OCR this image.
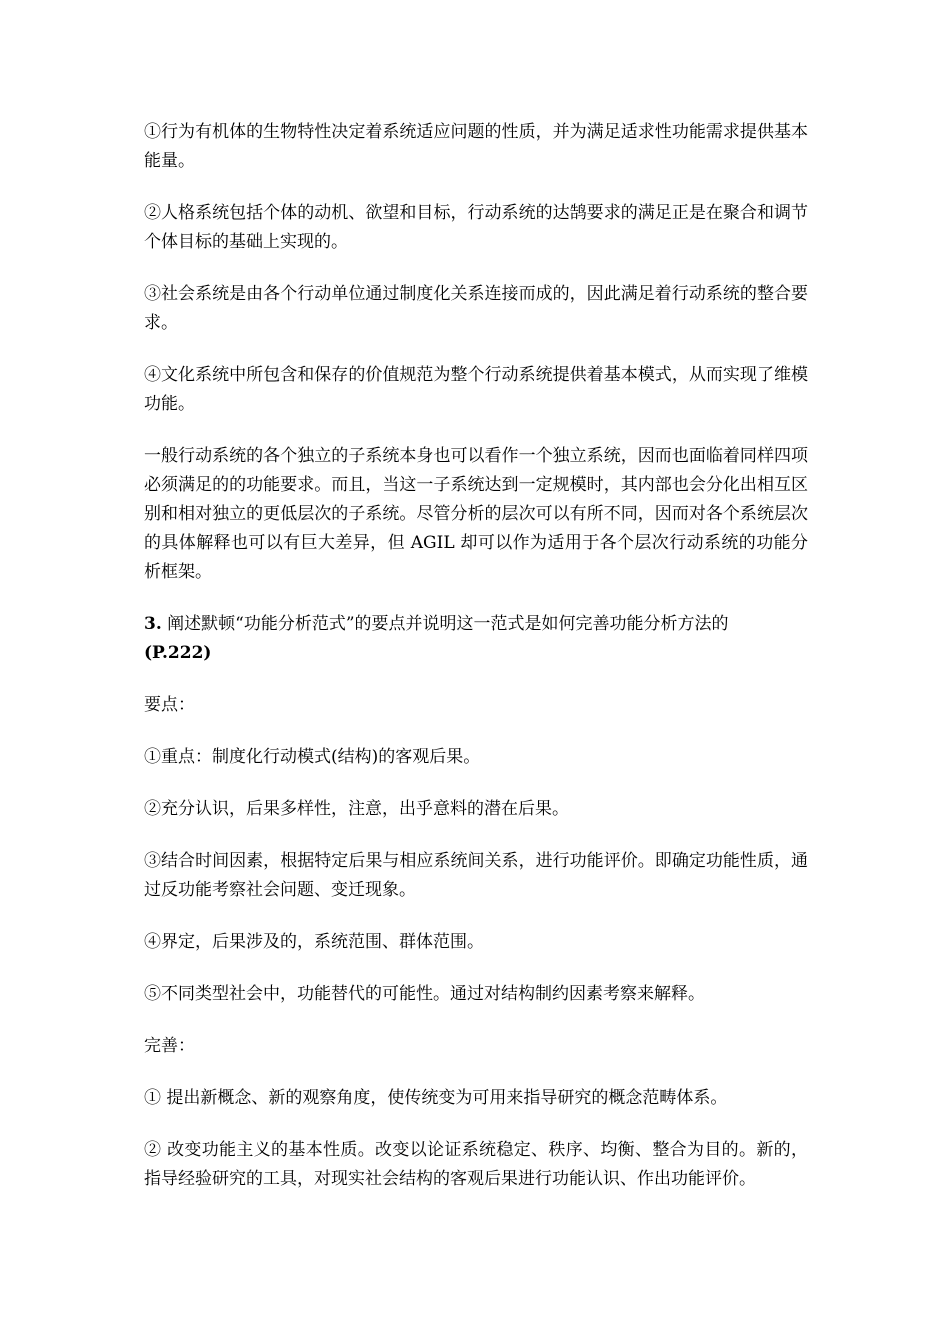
①行为有机体的生物特性决定着系统适应问题的性质，并为满足适求性功能需求提供基本能量。

②人格系统包括个体的动机、欲望和目标，行动系统的达鹄要求的满足正是在聚合和调节个体目标的基础上实现的。

③社会系统是由各个行动单位通过制度化关系连接而成的，因此满足着行动系统的整合要求。

④文化系统中所包含和保存的价值规范为整个行动系统提供着基本模式，从而实现了维模功能。

一般行动系统的各个独立的子系统本身也可以看作一个独立系统，因而也面临着同样四项必须满足的的功能要求。而且，当这一子系统达到一定规模时，其内部也会分化出相互区别和相对独立的更低层次的子系统。尽管分析的层次可以有所不同，因而对各个系统层次的具体解释也可以有巨大差异，但 AGIL 却可以作为适用于各个层次行动系统的功能分析框架。

3. 阐述默顿“功能分析范式”的要点并说明这一范式是如何完善功能分析方法的
(P.222)

要点：

①重点：制度化行动模式(结构)的客观后果。

②充分认识，后果多样性，注意，出乎意料的潜在后果。

③结合时间因素，根据特定后果与相应系统间关系，进行功能评价。即确定功能性质，通过反功能考察社会问题、变迁现象。

④界定，后果涉及的，系统范围、群体范围。

⑤不同类型社会中，功能替代的可能性。通过对结构制约因素考察来解释。

完善：

① 提出新概念、新的观察角度，使传统变为可用来指导研究的概念范畴体系。

② 改变功能主义的基本性质。改变以论证系统稳定、秩序、均衡、整合为目的。新的，指导经验研究的工具，对现实社会结构的客观后果进行功能认识、作出功能评价。
